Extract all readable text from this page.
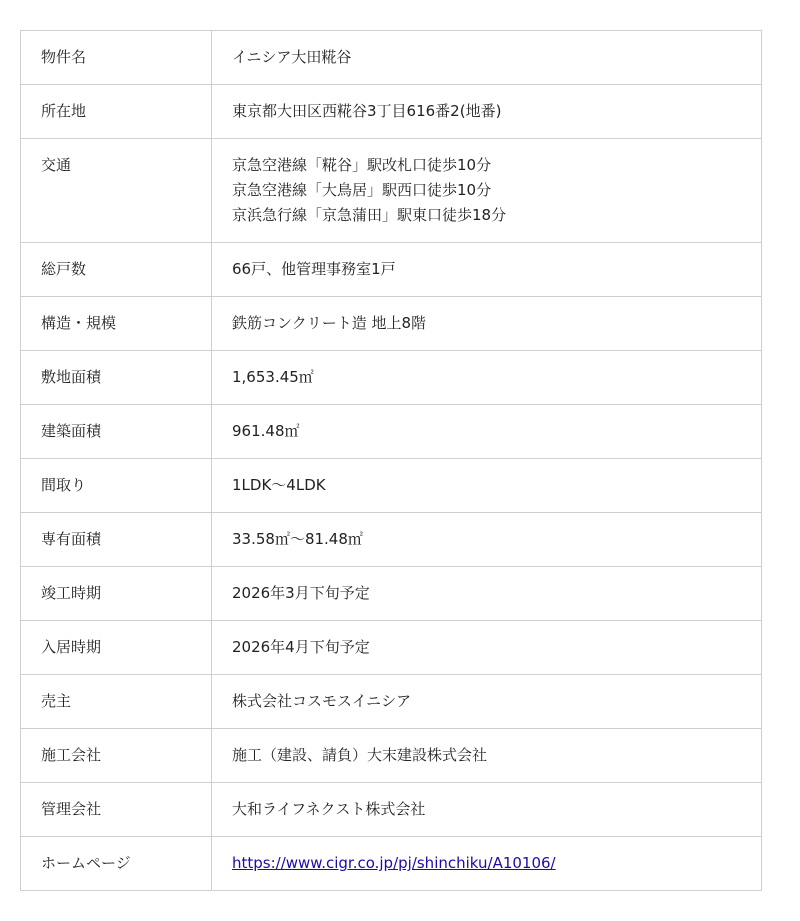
物件名	イニシア大田糀谷
所在地	東京都大田区西糀谷3丁目616番2(地番)
交通	京急空港線「糀谷」駅改札口徒歩10分
京急空港線「大鳥居」駅西口徒歩10分
京浜急行線「京急蒲田」駅東口徒歩18分

総戸数	66戸、他管理事務室1戸
構造・規模	鉄筋コンクリート造 地上8階
敷地面積	1,653.45㎡
建築面積	961.48㎡
間取り	1LDK〜4LDK
専有面積	33.58㎡〜81.48㎡
竣工時期	2026年3月下旬予定
入居時期	2026年4月下旬予定
売主	株式会社コスモスイニシア
施工会社	施工（建設、請負）大末建設株式会社
管理会社	大和ライフネクスト株式会社
ホームページ	https://www.cigr.co.jp/pj/shinchiku/A10106/
